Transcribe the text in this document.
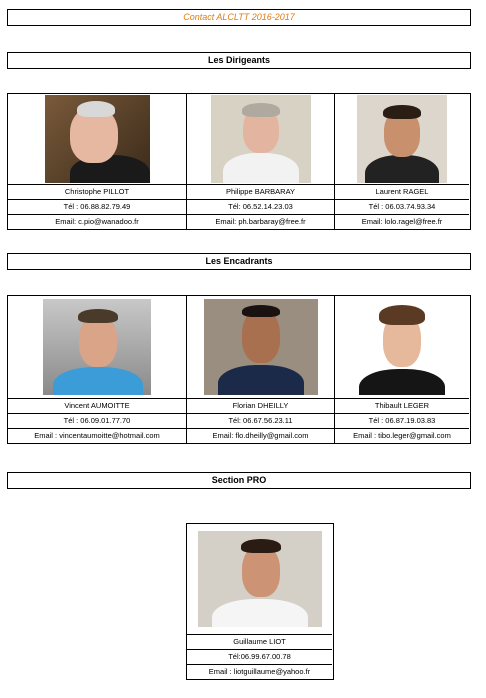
Contact ALCLTT 2016-2017
Les Dirigeants
Christophe PILLOT
Tél : 06.88.82.79.49
Email: c.pio@wanadoo.fr
Philippe BARBARAY
Tél: 06.52.14.23.03
Email: ph.barbaray@free.fr
Laurent RAGEL
Tél : 06.03.74.93.34
Email: lolo.ragel@free.fr
Les Encadrants
Vincent AUMOITTE
Tél : 06.09.01.77.70
Email : vincentaumoitte@hotmail.com
Florian DHEILLY
Tél: 06.67.56.23.11
Email: flo.dheilly@gmail.com
Thibault LEGER
Tél : 06.87.19.03.83
Email : tibo.leger@gmail.com
Section PRO
Guillaume LIOT
Tél:06.99.67.00.78
Email : liotguillaume@yahoo.fr
